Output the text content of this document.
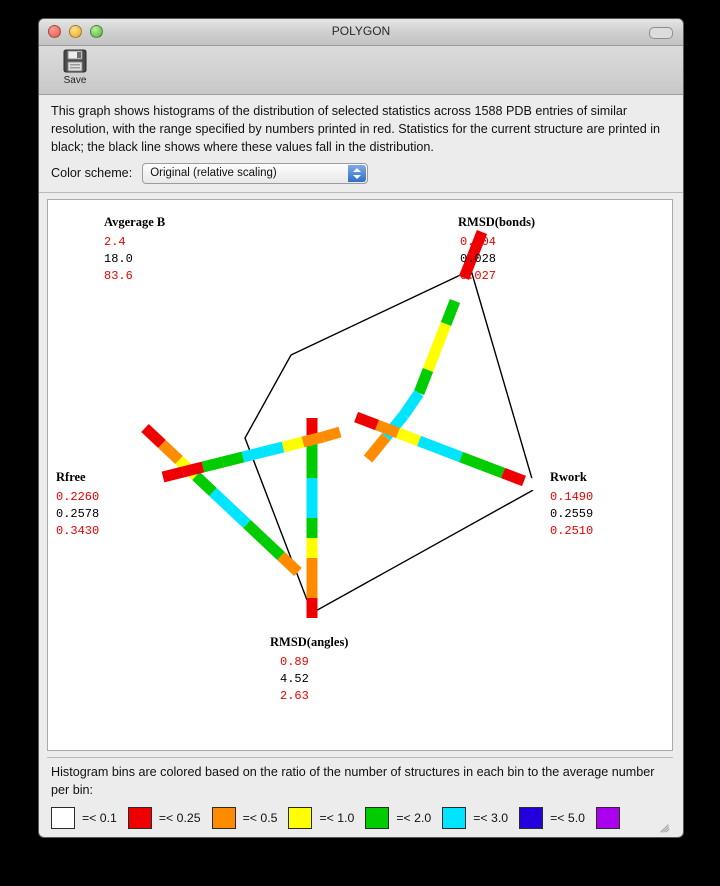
POLYGON
Save
This graph shows histograms of the distribution of selected statistics across 1588 PDB entries of similar resolution, with the range specified by numbers printed in red. Statistics for the current structure are printed in black; the black line shows where these values fall in the distribution.
Color scheme: Original (relative scaling)
Avgerage B
2.4
18.0
83.6
RMSD(bonds)
0.004
0.028
0.027
Rwork
0.1490
0.2559
0.2510
RMSD(angles)
0.89
4.52
2.63
Rfree
0.2260
0.2578
0.3430
Histogram bins are colored based on the ratio of the number of structures in each bin to the average number per bin:
=< 0.1	=< 0.25	=< 0.5	=< 1.0	=< 2.0	=< 3.0	=< 5.0
